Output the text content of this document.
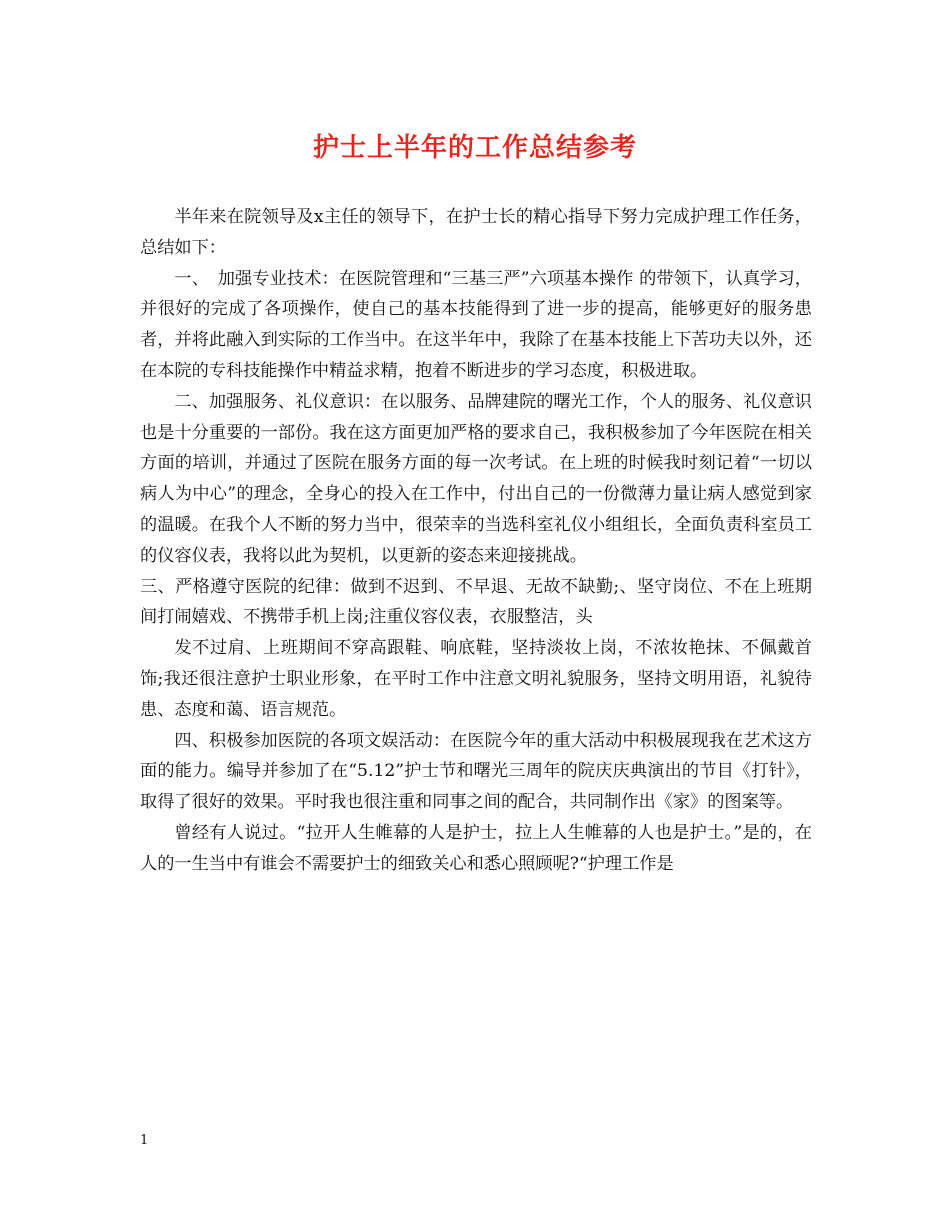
护士上半年的工作总结参考

半年来在院领导及x主任的领导下，在护士长的精心指导下努力完成护理工作任务，总结如下：

一、　加强专业技术：在医院管理和“三基三严”六项基本操作 的带领下，认真学习，并很好的完成了各项操作，使自己的基本技能得到了进一步的提高，能够更好的服务患者，并将此融入到实际的工作当中。在这半年中，我除了在基本技能上下苦功夫以外，还在本院的专科技能操作中精益求精，抱着不断进步的学习态度，积极进取。

二、加强服务、礼仪意识：在以服务、品牌建院的曙光工作，个人的服务、礼仪意识也是十分重要的一部份。我在这方面更加严格的要求自己，我积极参加了今年医院在相关方面的培训，并通过了医院在服务方面的每一次考试。在上班的时候我时刻记着“一切以病人为中心”的理念，全身心的投入在工作中，付出自己的一份微薄力量让病人感觉到家的温暖。在我个人不断的努力当中，很荣幸的当选科室礼仪小组组长，全面负责科室员工的仪容仪表，我将以此为契机，以更新的姿态来迎接挑战。

三、严格遵守医院的纪律：做到不迟到、不早退、无故不缺勤;、坚守岗位、不在上班期间打闹嬉戏、不携带手机上岗;注重仪容仪表，衣服整洁，头

发不过肩、上班期间不穿高跟鞋、响底鞋，坚持淡妆上岗，不浓妆艳抹、不佩戴首饰;我还很注意护士职业形象，在平时工作中注意文明礼貌服务，坚持文明用语，礼貌待患、态度和蔼、语言规范。

四、积极参加医院的各项文娱活动：在医院今年的重大活动中积极展现我在艺术这方面的能力。编导并参加了在“5.12”护士节和曙光三周年的院庆庆典演出的节目《打针》，取得了很好的效果。平时我也很注重和同事之间的配合，共同制作出《家》的图案等。

曾经有人说过。“拉开人生帷幕的人是护士，拉上人生帷幕的人也是护士。”是的，在人的一生当中有谁会不需要护士的细致关心和悉心照顾呢?“护理工作是

1
